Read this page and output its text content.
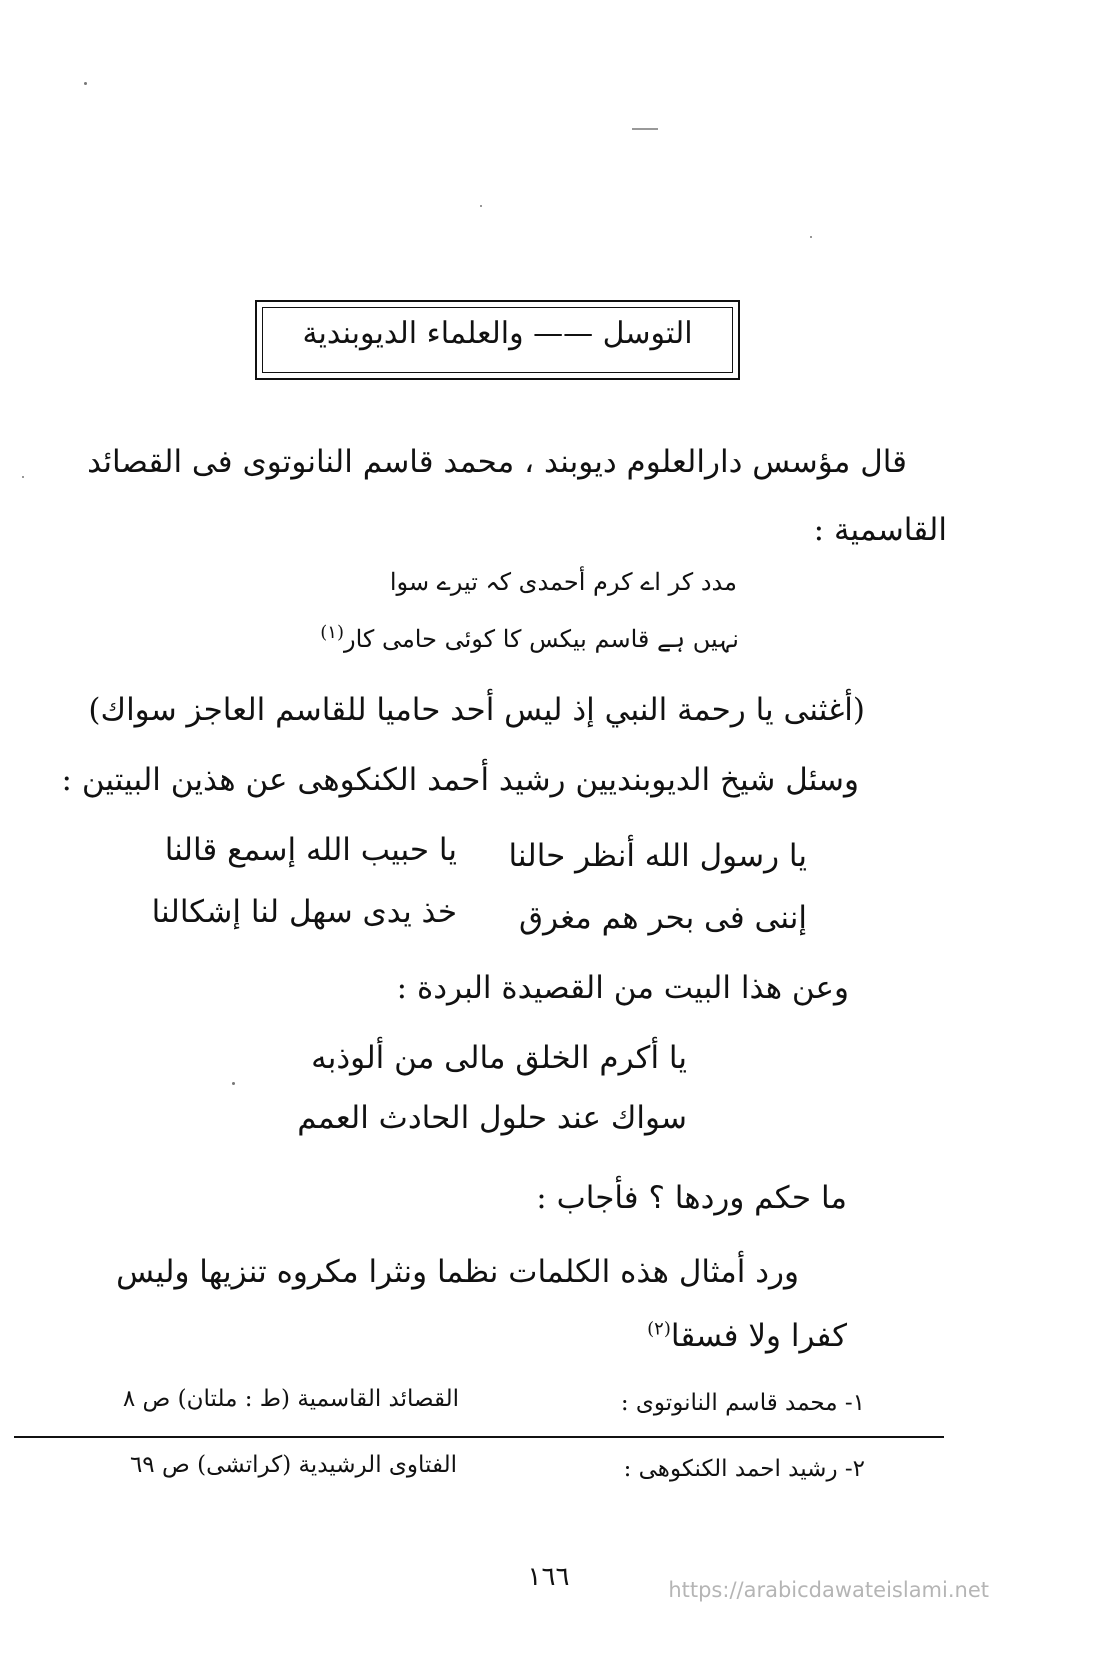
التوسل —— والعلماء الديوبندية
قال مؤسس دارالعلوم ديوبند ، محمد قاسم النانوتوى فى القصائد
القاسمية :
مدد کر اے کرم أحمدی کہ تیرے سوا
نہیں ہے قاسم بیکس کا کوئی حامی کار$^{(١)}$
(أغثنى يا رحمة النبي إذ ليس أحد حاميا للقاسم العاجز سواك)
وسئل شيخ الديوبنديين رشيد أحمد الكنكوهى عن هذين البيتين :
يا رسول الله أنظر حالنا
يا حبيب الله إسمع قالنا
إننى فى بحر هم مغرق
خذ يدى سهل لنا إشكالنا
وعن هذا البيت من القصيدة البردة :
يا أكرم الخلق مالى من ألوذبه
سواك عند حلول الحادث العمم
ما حكم وردها ؟ فأجاب :
ورد أمثال هذه الكلمات نظما ونثرا مكروه تنزيها وليس
كفرا ولا فسقا$^{(٢)}$
١- محمد قاسم النانوتوى :
القصائد القاسمية (ط : ملتان) ص ٨
٢- رشيد احمد الكنكوهى :
الفتاوى الرشيدية (كراتشى) ص ٦٩
١٦٦	https://arabicdawateislami.net
